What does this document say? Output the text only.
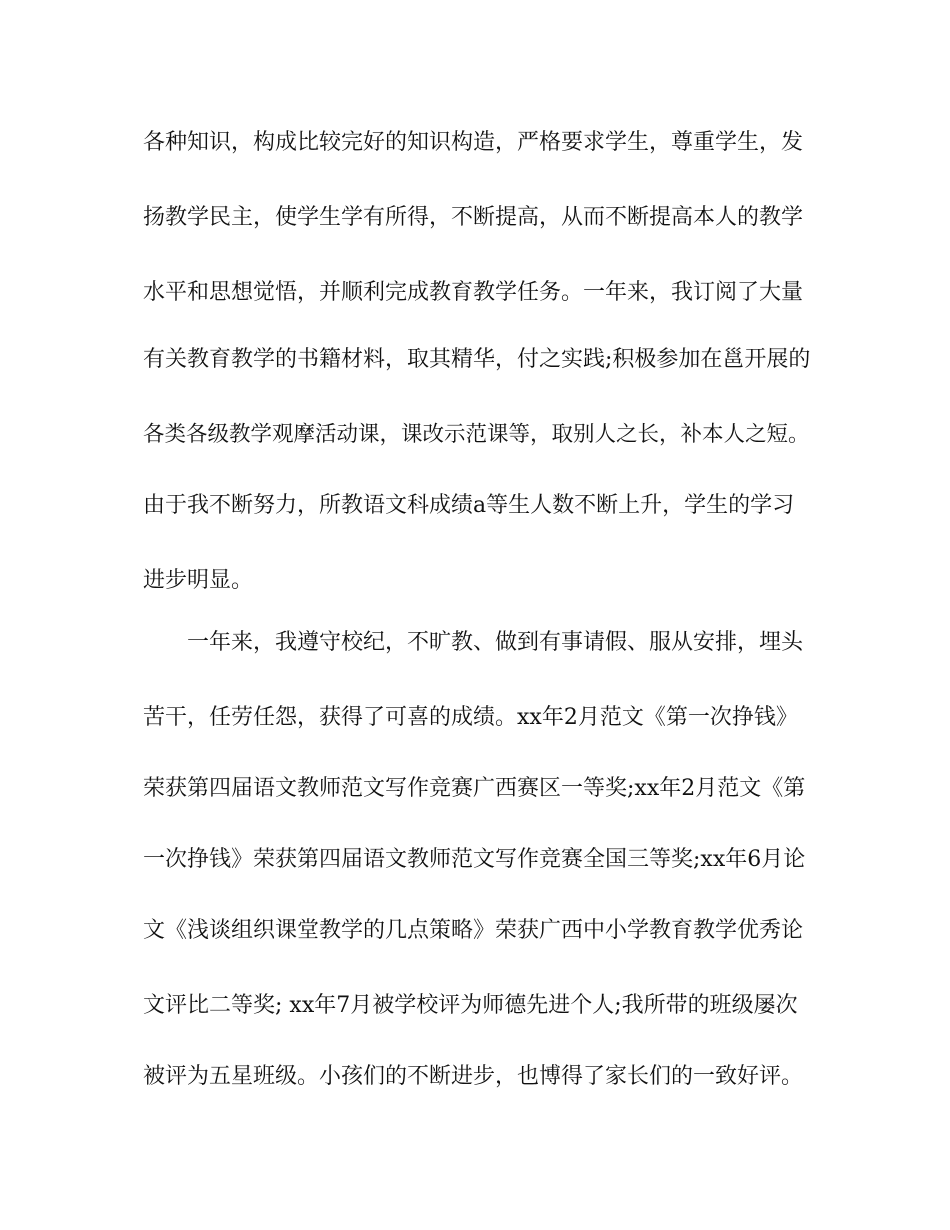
各种知识，构成比较完好的知识构造，严格要求学生，尊重学生，发
扬教学民主，使学生学有所得，不断提高，从而不断提高本人的教学
水平和思想觉悟，并顺利完成教育教学任务。一年来，我订阅了大量
有关教育教学的书籍材料，取其精华，付之实践;积极参加在邕开展的
各类各级教学观摩活动课，课改示范课等，取别人之长，补本人之短。
由于我不断努力，所教语文科成绩a等生人数不断上升，学生的学习
进步明显。
一年来，我遵守校纪，不旷教、做到有事请假、服从安排，埋头
苦干，任劳任怨，获得了可喜的成绩。xx年2月范文《第一次挣钱》
荣获第四届语文教师范文写作竞赛广西赛区一等奖;xx年2月范文《第
一次挣钱》荣获第四届语文教师范文写作竞赛全国三等奖;xx年6月论
文《浅谈组织课堂教学的几点策略》荣获广西中小学教育教学优秀论
文评比二等奖; xx年7月被学校评为师德先进个人;我所带的班级屡次
被评为五星班级。小孩们的不断进步，也博得了家长们的一致好评。
